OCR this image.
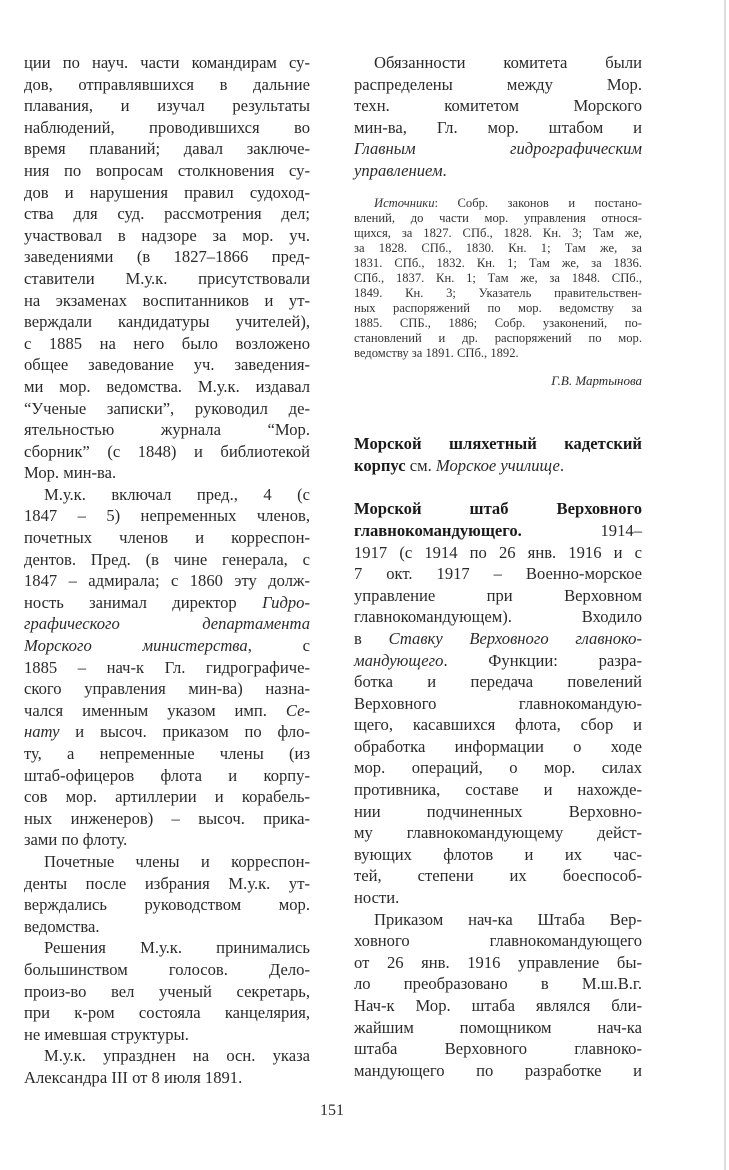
ции по науч. части командирам су-
дов, отправлявшихся в дальние
плавания, и изучал результаты
наблюдений, проводившихся во
время плаваний; давал заключе-
ния по вопросам столкновения су-
дов и нарушения правил судоход-
ства для суд. рассмотрения дел;
участвовал в надзоре за мор. уч.
заведениями (в 1827–1866 пред-
ставители М.у.к. присутствовали
на экзаменах воспитанников и ут-
верждали кандидатуры учителей),
с 1885 на него было возложено
общее заведование уч. заведения-
ми мор. ведомства. М.у.к. издавал
“Ученые записки”, руководил де-
ятельностью журнала “Мор.
сборник” (с 1848) и библиотекой
Мор. мин-ва.
М.у.к. включал пред., 4 (с
1847 – 5) непременных членов,
почетных членов и корреспон-
дентов. Пред. (в чине генерала, с
1847 – адмирала; с 1860 эту долж-
ность занимал директор Гидро-
графического департамента
Морского министерства, с
1885 – нач-к Гл. гидрографиче-
ского управления мин-ва) назна-
чался именным указом имп. Се-
нату и высоч. приказом по фло-
ту, а непременные члены (из
штаб-офицеров флота и корпу-
сов мор. артиллерии и корабель-
ных инженеров) – высоч. прика-
зами по флоту.
Почетные члены и корреспон-
денты после избрания М.у.к. ут-
верждались руководством мор.
ведомства.
Решения М.у.к. принимались
большинством голосов. Дело-
произ-во вел ученый секретарь,
при к-ром состояла канцелярия,
не имевшая структуры.
М.у.к. упразднен на осн. указа
Александра III от 8 июля 1891.
Обязанности комитета были
распределены между Мор.
техн. комитетом Морского
мин-ва, Гл. мор. штабом и
Главным гидрографическим
управлением.
Источники: Собр. законов и постано-
влений, до части мор. управления относя-
щихся, за 1827. СПб., 1828. Кн. 3; Там же,
за 1828. СПб., 1830. Кн. 1; Там же, за
1831. СПб., 1832. Кн. 1; Там же, за 1836.
СПб., 1837. Кн. 1; Там же, за 1848. СПб.,
1849. Кн. 3; Указатель правительствен-
ных распоряжений по мор. ведомству за
1885. СПБ., 1886; Собр. узаконений, по-
становлений и др. распоряжений по мор.
ведомству за 1891. СПб., 1892.
Г.В. Мартынова
Морской шляхетный кадетский
корпус см. Морское училище.
Морской штаб Верховного
главнокомандующего. 1914–
1917 (с 1914 по 26 янв. 1916 и с
7 окт. 1917 – Военно-морское
управление при Верховном
главнокомандующем). Входило
в Ставку Верховного главноко-
мандующего. Функции: разра-
ботка и передача повелений
Верховного главнокомандую-
щего, касавшихся флота, сбор и
обработка информации о ходе
мор. операций, о мор. силах
противника, составе и нахожде-
нии подчиненных Верховно-
му главнокомандующему дейст-
вующих флотов и их час-
тей, степени их боеспособ-
ности.
Приказом нач-ка Штаба Вер-
ховного главнокомандующего
от 26 янв. 1916 управление бы-
ло преобразовано в М.ш.В.г.
Нач-к Мор. штаба являлся бли-
жайшим помощником нач-ка
штаба Верховного главноко-
мандующего по разработке и
151
